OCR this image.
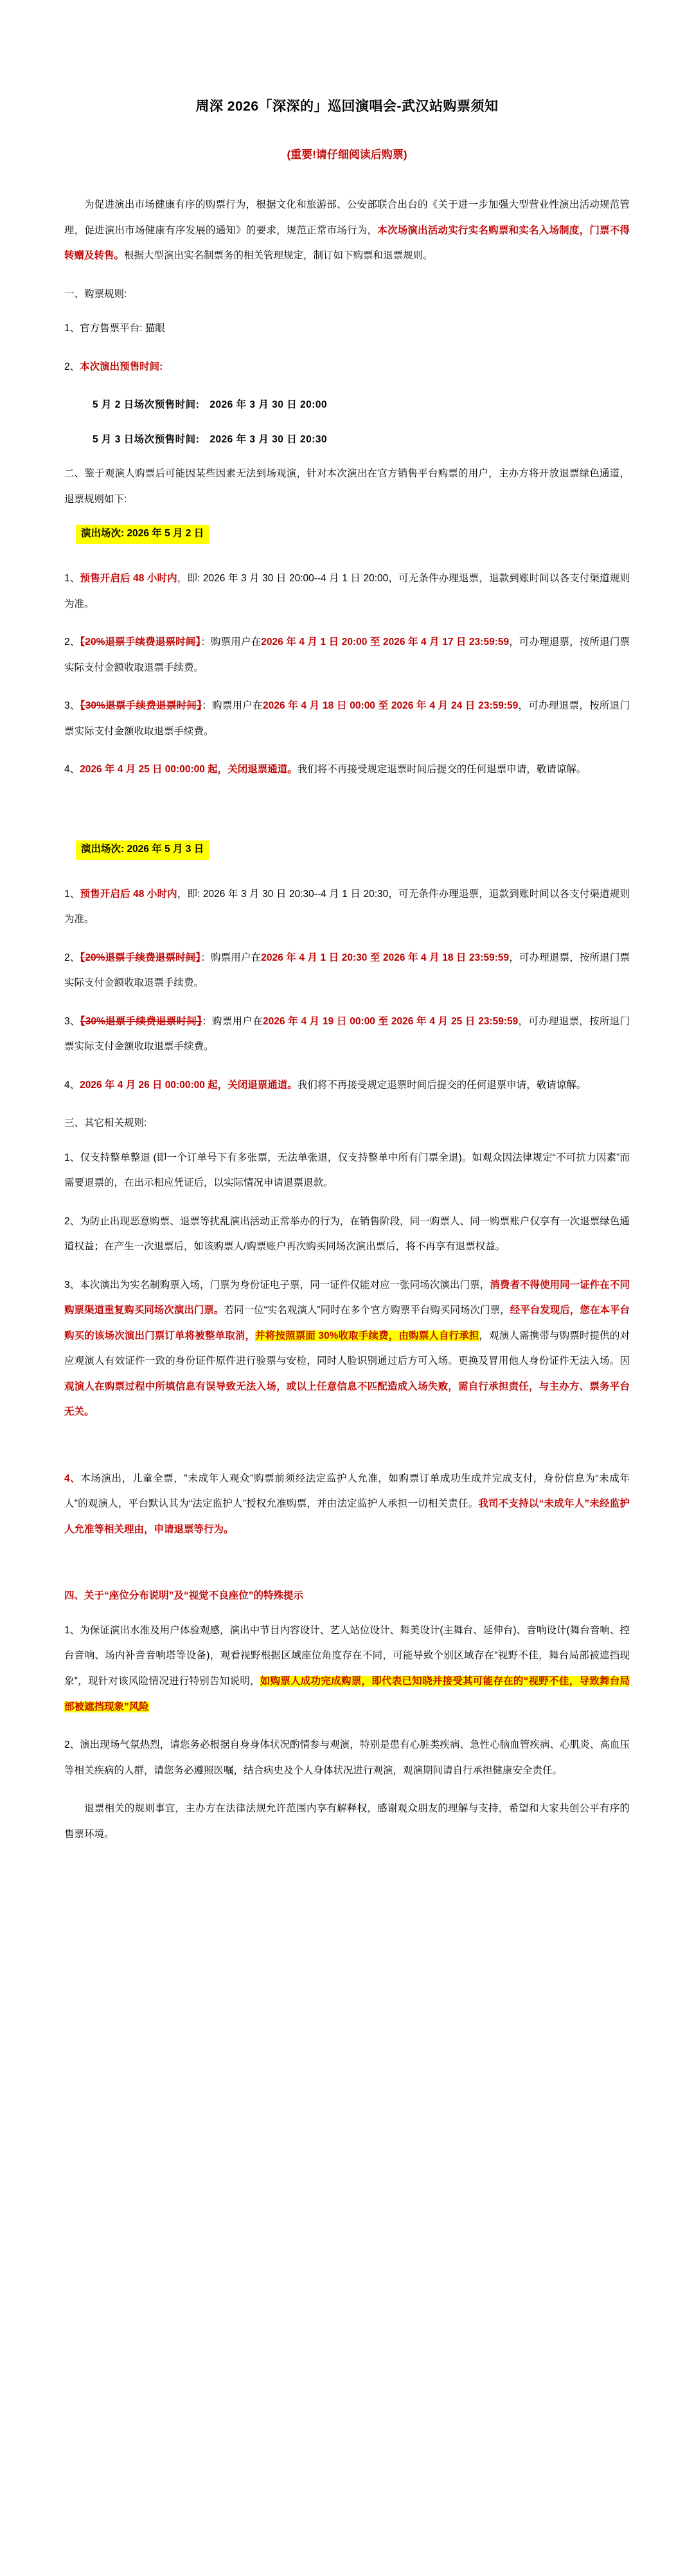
周深 2026「深深的」巡回演唱会-武汉站购票须知
(重要!请仔细阅读后购票)

为促进演出市场健康有序的购票行为，根据文化和旅游部、公安部联合出台的《关于进一步加强大型营业性演出活动规范管理，促进演出市场健康有序发展的通知》的要求，规范正常市场行为，本次场演出活动实行实名购票和实名入场制度，门票不得转赠及转售。根据大型演出实名制票务的相关管理规定，制订如下购票和退票规则。

一、购票规则:

1、官方售票平台: 猫眼

2、本次演出预售时间:

5 月 2 日场次预售时间:　2026 年 3 月 30 日 20:00

5 月 3 日场次预售时间:　2026 年 3 月 30 日 20:30

二、鉴于观演人购票后可能因某些因素无法到场观演，针对本次演出在官方销售平台购票的用户，主办方将开放退票绿色通道，退票规则如下:

演出场次: 2026 年 5 月 2 日

1、预售开启后 48 小时内，即: 2026 年 3 月 30 日 20:00--4 月 1 日 20:00，可无条件办理退票，退款到账时间以各支付渠道规则为准。

2、【20%退票手续费退票时间】：购票用户在2026 年 4 月 1 日 20:00 至 2026 年 4 月 17 日 23:59:59，可办理退票，按所退门票实际支付金额收取退票手续费。

3、【30%退票手续费退票时间】：购票用户在2026 年 4 月 18 日 00:00 至 2026 年 4 月 24 日 23:59:59，可办理退票，按所退门票实际支付金额收取退票手续费。

4、2026 年 4 月 25 日 00:00:00 起，关闭退票通道。我们将不再接受规定退票时间后提交的任何退票申请，敬请谅解。

演出场次: 2026 年 5 月 3 日

1、预售开启后 48 小时内，即: 2026 年 3 月 30 日 20:30--4 月 1 日 20:30，可无条件办理退票，退款到账时间以各支付渠道规则为准。

2、【20%退票手续费退票时间】：购票用户在2026 年 4 月 1 日 20:30 至 2026 年 4 月 18 日 23:59:59，可办理退票，按所退门票实际支付金额收取退票手续费。

3、【30%退票手续费退票时间】：购票用户在2026 年 4 月 19 日 00:00 至 2026 年 4 月 25 日 23:59:59，可办理退票，按所退门票实际支付金额收取退票手续费。

4、2026 年 4 月 26 日 00:00:00 起，关闭退票通道。我们将不再接受规定退票时间后提交的任何退票申请，敬请谅解。

三、其它相关规则:

1、仅支持整单整退 (即一个订单号下有多张票，无法单张退，仅支持整单中所有门票全退)。如观众因法律规定“不可抗力因素”而需要退票的，在出示相应凭证后，以实际情况申请退票退款。

2、为防止出现恶意购票、退票等扰乱演出活动正常举办的行为，在销售阶段，同一购票人、同一购票账户仅享有一次退票绿色通道权益；在产生一次退票后，如该购票人/购票账户再次购买同场次演出票后，将不再享有退票权益。

3、本次演出为实名制购票入场，门票为身份证电子票，同一证件仅能对应一张同场次演出门票，消费者不得使用同一证件在不同购票渠道重复购买同场次演出门票。若同一位“实名观演人”同时在多个官方购票平台购买同场次门票，经平台发现后，您在本平台购买的该场次演出门票订单将被整单取消，并将按照票面 30%收取手续费，由购票人自行承担，观演人需携带与购票时提供的对应观演人有效证件一致的身份证件原件进行验票与安检，同时人脸识别通过后方可入场。更换及冒用他人身份证件无法入场。因观演人在购票过程中所填信息有误导致无法入场，或以上任意信息不匹配造成入场失败，需自行承担责任，与主办方、票务平台无关。

4、本场演出，儿童全票，"未成年人观众"购票前须经法定监护人允准，如购票订单成功生成并完成支付，身份信息为“未成年人”的观演人，平台默认其为“法定监护人”授权允准购票，并由法定监护人承担一切相关责任。我司不支持以“未成年人”未经监护人允准等相关理由，申请退票等行为。

四、关于“座位分布说明”及“视觉不良座位”的特殊提示

1、为保证演出水准及用户体验观感，演出中节目内容设计、艺人站位设计、舞美设计(主舞台、延伸台)、音响设计(舞台音响、控台音响、场内补音音响塔等设备)，观看视野根据区域座位角度存在不同，可能导致个别区域存在“视野不佳，舞台局部被遮挡现象”，现针对该风险情况进行特别告知说明，如购票人成功完成购票，即代表已知晓并接受其可能存在的“视野不佳，导致舞台局部被遮挡现象”风险

2、演出现场气氛热烈，请您务必根据自身身体状况酌情参与观演，特别是患有心脏类疾病、急性心脑血管疾病、心肌炎、高血压等相关疾病的人群，请您务必遵照医嘱，结合病史及个人身体状况进行观演，观演期间请自行承担健康安全责任。

退票相关的规则事宜，主办方在法律法规允许范围内享有解释权，感谢观众朋友的理解与支持，希望和大家共创公平有序的售票环境。
